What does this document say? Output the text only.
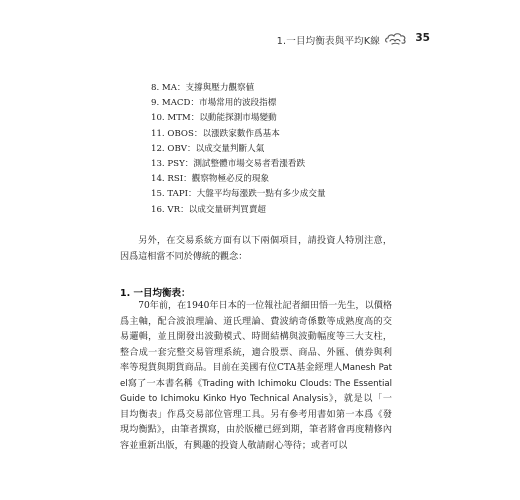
1.一目均衡表與平均K線	35
8. MA：支撐與壓力觀察値
9. MACD：市場常用的波段指標
10. MTM：以動能探測市場變動
11. OBOS：以漲跌家數作爲基本
12. OBV：以成交量判斷人氣
13. PSY：測試整體市場交易者看漲看跌
14. RSI：觀察物極必反的現象
15. TAPI：大盤平均每漲跌一點有多少成交量
16. VR：以成交量研判買賣超

另外，在交易系統方面有以下兩個項目，請投資人特別注意，因爲這相當不同於傳統的觀念：

1. 一目均衡表：

70年前，在1940年日本的一位報社記者細田悟一先生，以價格爲主軸，配合波浪理論、道氏理論、費波納奇係數等成熟度高的交易邏輯，並且開發出波動模式、時間結構與波動幅度等三大支柱，整合成一套完整交易管理系統，適合股票、商品、外匯、債券與利率等現貨與期貨商品。目前在美國有位CTA基金經理人Manesh Patel寫了一本書名稱《Trading with Ichimoku Clouds: The Essential Guide to Ichimoku Kinko Hyo Technical Analysis》，就是以「一目均衡表」作爲交易部位管理工具。另有參考用書如第一本爲《發現均衡點》，由筆者撰寫，由於版權已經到期，筆者將會再度精修內容並重新出版，有興趣的投資人敬請耐心等待；或者可以
